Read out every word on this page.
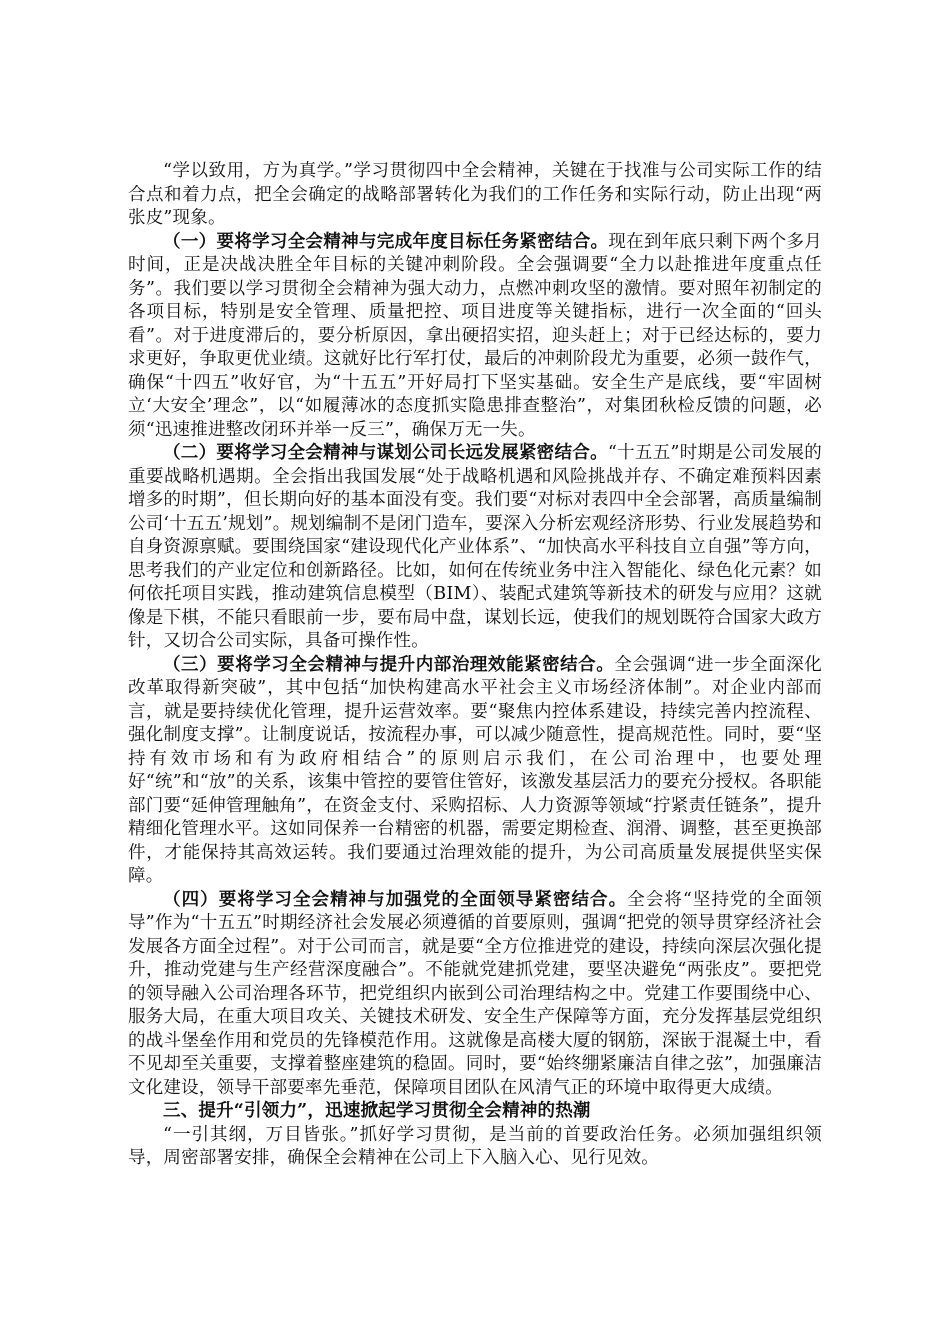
“学以致用，方为真学。”学习贯彻四中全会精神，关键在于找准与公司实际工作的结合点和着力点，把全会确定的战略部署转化为我们的工作任务和实际行动，防止出现“两张皮”现象。

（一）要将学习全会精神与完成年度目标任务紧密结合。现在到年底只剩下两个多月时间，正是决战决胜全年目标的关键冲刺阶段。全会强调要“全力以赴推进年度重点任务”。我们要以学习贯彻全会精神为强大动力，点燃冲刺攻坚的激情。要对照年初制定的各项目标，特别是安全管理、质量把控、项目进度等关键指标，进行一次全面的“回头看”。对于进度滞后的，要分析原因，拿出硬招实招，迎头赶上；对于已经达标的，要力求更好，争取更优业绩。这就好比行军打仗，最后的冲刺阶段尤为重要，必须一鼓作气，确保“十四五”收好官，为“十五五”开好局打下坚实基础。安全生产是底线，要“牢固树立‘大安全’理念”，以“如履薄冰的态度抓实隐患排查整治”，对集团秋检反馈的问题，必须“迅速推进整改闭环并举一反三”，确保万无一失。

（二）要将学习全会精神与谋划公司长远发展紧密结合。“十五五”时期是公司发展的重要战略机遇期。全会指出我国发展“处于战略机遇和风险挑战并存、不确定难预料因素增多的时期”，但长期向好的基本面没有变。我们要“对标对表四中全会部署，高质量编制公司‘十五五’规划”。规划编制不是闭门造车，要深入分析宏观经济形势、行业发展趋势和自身资源禀赋。要围绕国家“建设现代化产业体系”、“加快高水平科技自立自强”等方向，思考我们的产业定位和创新路径。比如，如何在传统业务中注入智能化、绿色化元素？如何依托项目实践，推动建筑信息模型（BIM）、装配式建筑等新技术的研发与应用？这就像是下棋，不能只看眼前一步，要布局中盘，谋划长远，使我们的规划既符合国家大政方针，又切合公司实际，具备可操作性。

（三）要将学习全会精神与提升内部治理效能紧密结合。全会强调“进一步全面深化改革取得新突破”，其中包括“加快构建高水平社会主义市场经济体制”。对企业内部而言，就是要持续优化管理，提升运营效率。要“聚焦内控体系建设，持续完善内控流程、强化制度支撑”。让制度说话，按流程办事，可以减少随意性，提高规范性。同时，要“坚持有效市场和有为政府相结合”的原则启示我们，在公司治理中，也要处理好“统”和“放”的关系，该集中管控的要管住管好，该激发基层活力的要充分授权。各职能部门要“延伸管理触角”，在资金支付、采购招标、人力资源等领域“拧紧责任链条”，提升精细化管理水平。这如同保养一台精密的机器，需要定期检查、润滑、调整，甚至更换部件，才能保持其高效运转。我们要通过治理效能的提升，为公司高质量发展提供坚实保障。

（四）要将学习全会精神与加强党的全面领导紧密结合。全会将“坚持党的全面领导”作为“十五五”时期经济社会发展必须遵循的首要原则，强调“把党的领导贯穿经济社会发展各方面全过程”。对于公司而言，就是要“全方位推进党的建设，持续向深层次强化提升，推动党建与生产经营深度融合”。不能就党建抓党建，要坚决避免“两张皮”。要把党的领导融入公司治理各环节，把党组织内嵌到公司治理结构之中。党建工作要围绕中心、服务大局，在重大项目攻关、关键技术研发、安全生产保障等方面，充分发挥基层党组织的战斗堡垒作用和党员的先锋模范作用。这就像是高楼大厦的钢筋，深嵌于混凝土中，看不见却至关重要，支撑着整座建筑的稳固。同时，要“始终绷紧廉洁自律之弦”，加强廉洁文化建设，领导干部要率先垂范，保障项目团队在风清气正的环境中取得更大成绩。

三、提升“引领力”，迅速掀起学习贯彻全会精神的热潮

“一引其纲，万目皆张。”抓好学习贯彻，是当前的首要政治任务。必须加强组织领导，周密部署安排，确保全会精神在公司上下入脑入心、见行见效。
